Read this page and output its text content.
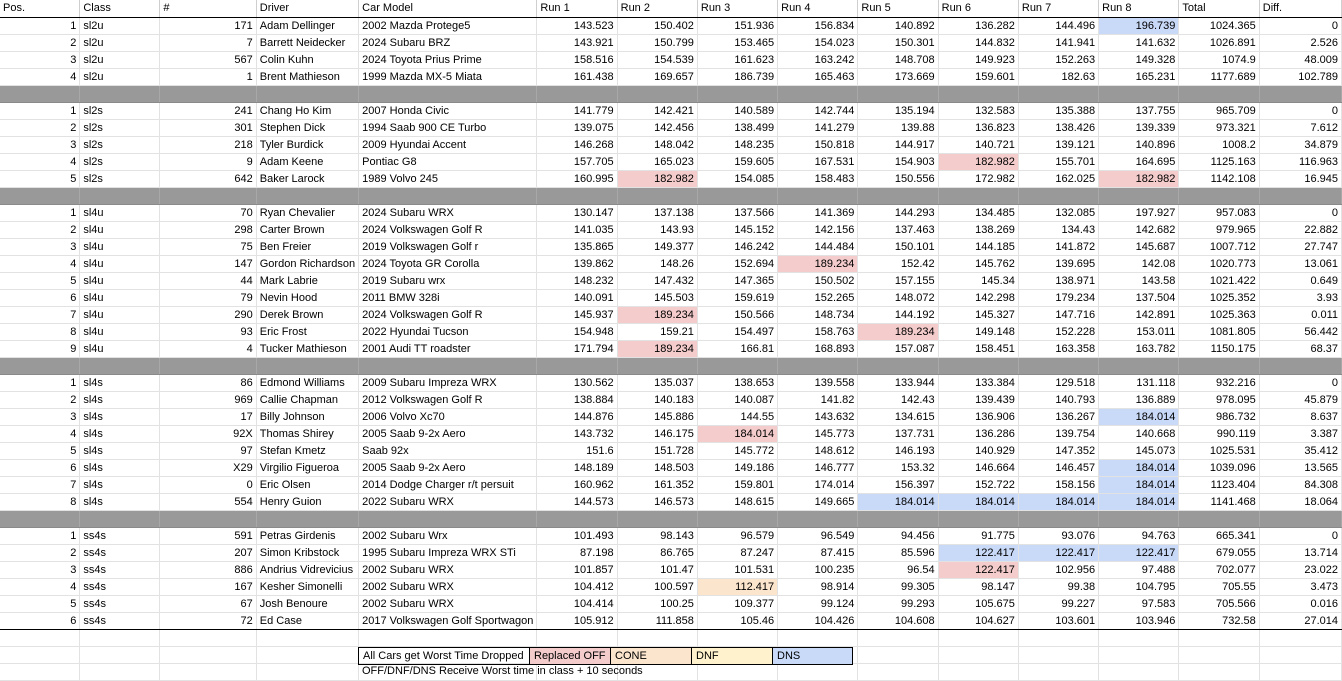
Pos.	Class	#	Driver	Car Model	Run 1	Run 2	Run 3	Run 4	Run 5	Run 6	Run 7	Run 8	Total	Diff.
1	sl2u	171	Adam Dellinger	2002 Mazda Protege5	143.523	150.402	151.936	156.834	140.892	136.282	144.496	196.739	1024.365	0
2	sl2u	7	Barrett Neidecker	2024 Subaru BRZ	143.921	150.799	153.465	154.023	150.301	144.832	141.941	141.632	1026.891	2.526
3	sl2u	567	Colin Kuhn	2024 Toyota Prius Prime	158.516	154.539	161.623	163.242	148.708	149.923	152.263	149.328	1074.9	48.009
4	sl2u	1	Brent Mathieson	1999 Mazda MX-5 Miata	161.438	169.657	186.739	165.463	173.669	159.601	182.63	165.231	1177.689	102.789

1	sl2s	241	Chang Ho Kim	2007 Honda Civic	141.779	142.421	140.589	142.744	135.194	132.583	135.388	137.755	965.709	0
2	sl2s	301	Stephen Dick	1994 Saab 900 CE Turbo	139.075	142.456	138.499	141.279	139.88	136.823	138.426	139.339	973.321	7.612
3	sl2s	218	Tyler Burdick	2009 Hyundai Accent	146.268	148.042	148.235	150.818	144.917	140.721	139.121	140.896	1008.2	34.879
4	sl2s	9	Adam Keene	Pontiac G8	157.705	165.023	159.605	167.531	154.903	182.982	155.701	164.695	1125.163	116.963
5	sl2s	642	Baker Larock	1989 Volvo 245	160.995	182.982	154.085	158.483	150.556	172.982	162.025	182.982	1142.108	16.945

1	sl4u	70	Ryan Chevalier	2024 Subaru WRX	130.147	137.138	137.566	141.369	144.293	134.485	132.085	197.927	957.083	0
2	sl4u	298	Carter Brown	2024 Volkswagen Golf R	141.035	143.93	145.152	142.156	137.463	138.269	134.43	142.682	979.965	22.882
3	sl4u	75	Ben Freier	2019 Volkswagen Golf r	135.865	149.377	146.242	144.484	150.101	144.185	141.872	145.687	1007.712	27.747
4	sl4u	147	Gordon Richardson	2024 Toyota GR Corolla	139.862	148.26	152.694	189.234	152.42	145.762	139.695	142.08	1020.773	13.061
5	sl4u	44	Mark Labrie	2019 Subaru wrx	148.232	147.432	147.365	150.502	157.155	145.34	138.971	143.58	1021.422	0.649
6	sl4u	79	Nevin Hood	2011 BMW 328i	140.091	145.503	159.619	152.265	148.072	142.298	179.234	137.504	1025.352	3.93
7	sl4u	290	Derek Brown	2024 Volkswagen Golf R	145.937	189.234	150.566	148.734	144.192	145.327	147.716	142.891	1025.363	0.011
8	sl4u	93	Eric Frost	2022 Hyundai Tucson	154.948	159.21	154.497	158.763	189.234	149.148	152.228	153.011	1081.805	56.442
9	sl4u	4	Tucker Mathieson	2001 Audi TT roadster	171.794	189.234	166.81	168.893	157.087	158.451	163.358	163.782	1150.175	68.37

1	sl4s	86	Edmond Williams	2009 Subaru Impreza WRX	130.562	135.037	138.653	139.558	133.944	133.384	129.518	131.118	932.216	0
2	sl4s	969	Callie Chapman	2012 Volkswagen Golf R	138.884	140.183	140.087	141.82	142.43	139.439	140.793	136.889	978.095	45.879
3	sl4s	17	Billy Johnson	2006 Volvo Xc70	144.876	145.886	144.55	143.632	134.615	136.906	136.267	184.014	986.732	8.637
4	sl4s	92X	Thomas Shirey	2005 Saab 9-2x Aero	143.732	146.175	184.014	145.773	137.731	136.286	139.754	140.668	990.119	3.387
5	sl4s	97	Stefan Kmetz	Saab 92x	151.6	151.728	145.772	148.612	146.193	140.929	147.352	145.073	1025.531	35.412
6	sl4s	X29	Virgilio Figueroa	2005 Saab 9-2x Aero	148.189	148.503	149.186	146.777	153.32	146.664	146.457	184.014	1039.096	13.565
7	sl4s	0	Eric Olsen	2014 Dodge Charger r/t persuit	160.962	161.352	159.801	174.014	156.397	152.722	158.156	184.014	1123.404	84.308
8	sl4s	554	Henry Guion	2022 Subaru WRX	144.573	146.573	148.615	149.665	184.014	184.014	184.014	184.014	1141.468	18.064

1	ss4s	591	Petras Girdenis	2002 Subaru Wrx	101.493	98.143	96.579	96.549	94.456	91.775	93.076	94.763	665.341	0
2	ss4s	207	Simon Kribstock	1995 Subaru Impreza WRX STi	87.198	86.765	87.247	87.415	85.596	122.417	122.417	122.417	679.055	13.714
3	ss4s	886	Andrius Vidrevicius	2002 Subaru WRX	101.857	101.47	101.531	100.235	96.54	122.417	102.956	97.488	702.077	23.022
4	ss4s	167	Kesher Simonelli	2002 Subaru WRX	104.412	100.597	112.417	98.914	99.305	98.147	99.38	104.795	705.55	3.473
5	ss4s	67	Josh Benoure	2002 Subaru WRX	104.414	100.25	109.377	99.124	99.293	105.675	99.227	97.583	705.566	0.016
6	ss4s	72	Ed Case	2017 Volkswagen Golf Sportwagon	105.912	111.858	105.46	104.426	104.608	104.627	103.601	103.946	732.58	27.014

All Cars get Worst Time Dropped	Replaced OFF	CONE	DNF	DNS
OFF/DNF/DNS Receive Worst time in class + 10 seconds
